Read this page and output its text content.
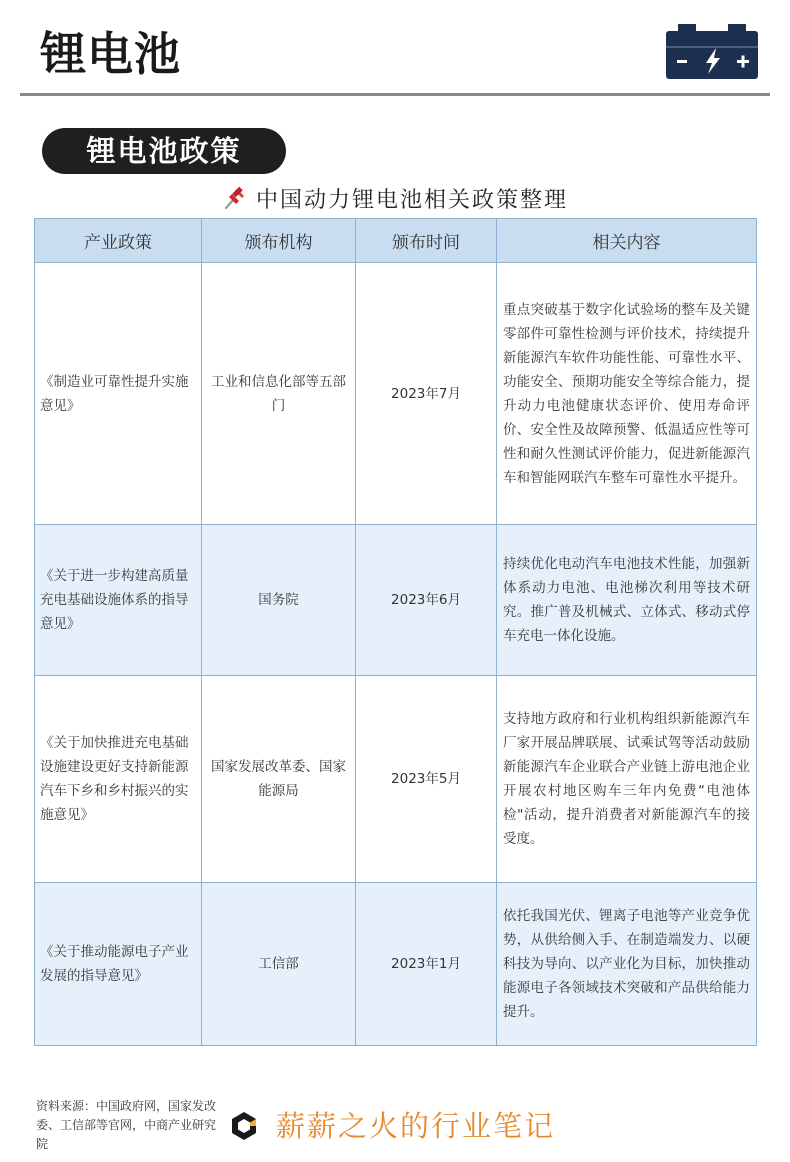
锂电池
锂电池政策
中国动力锂电池相关政策整理
产业政策	颁布机构	颁布时间	相关内容
《制造业可靠性提升实施意见》	工业和信息化部等五部门	2023年7月	重点突破基于数字化试验场的整车及关键零部件可靠性检测与评价技术，持续提升新能源汽车软件功能性能、可靠性水平、功能安全、预期功能安全等综合能力，提升动力电池健康状态评价、使用寿命评价、安全性及故障预警、低温适应性等可性和耐久性测试评价能力，促进新能源汽车和智能网联汽车整车可靠性水平提升。
《关于进一步构建高质量充电基础设施体系的指导意见》	国务院	2023年6月	持续优化电动汽车电池技术性能，加强新体系动力电池、电池梯次利用等技术研究。推广普及机械式、立体式、移动式停车充电一体化设施。
《关于加快推进充电基础设施建设更好支持新能源汽车下乡和乡村振兴的实施意见》	国家发展改革委、国家能源局	2023年5月	支持地方政府和行业机构组织新能源汽车厂家开展品牌联展、试乘试驾等活动鼓励新能源汽车企业联合产业链上游电池企业开展农村地区购车三年内免费“电池体检"活动，提升消费者对新能源汽车的接受度。
《关于推动能源电子产业发展的指导意见》	工信部	2023年1月	依托我国光伏、锂离子电池等产业竞争优势，从供给侧入手、在制造端发力、以硬科技为导向、以产业化为目标，加快推动能源电子各领域技术突破和产品供给能力提升。
资料来源：中国政府网，国家发改委、工信部等官网，中商产业研究院
薪薪之火的行业笔记
